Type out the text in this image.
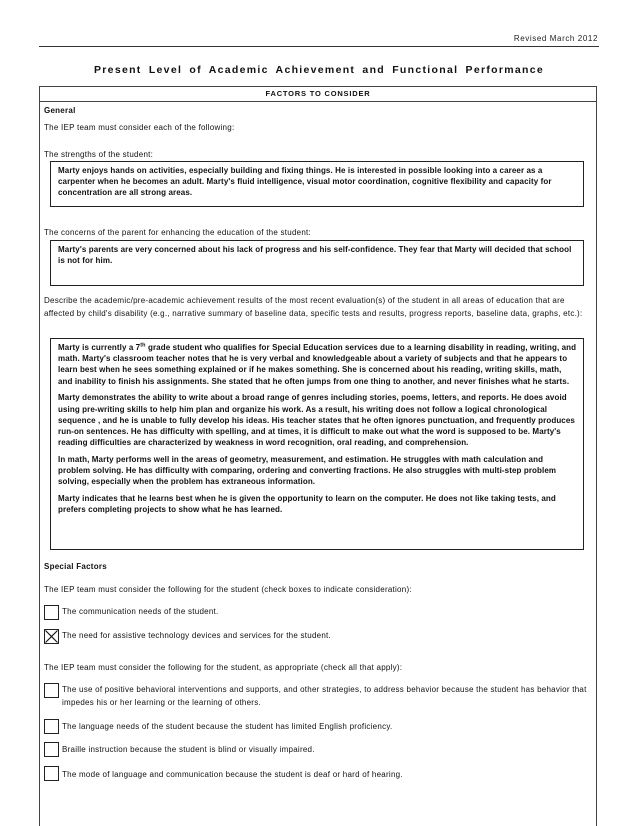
Revised March 2012
Present Level of Academic Achievement and Functional Performance
FACTORS TO CONSIDER
General
The IEP team must consider each of the following:
The strengths of the student:

Marty enjoys hands on activities, especially building and fixing things. He is interested in possible looking into a career as a carpenter when he becomes an adult. Marty's fluid intelligence, visual motor coordination, cognitive flexibility and capacity for concentration are all strong areas.

The concerns of the parent for enhancing the education of the student:

Marty's parents are very concerned about his lack of progress and his self-confidence. They fear that Marty will decided that school is not for him.

Describe the academic/pre-academic achievement results of the most recent evaluation(s) of the student in all areas of education that are affected by child's disability (e.g., narrative summary of baseline data, specific tests and results, progress reports, baseline data, graphs, etc.):

Marty is currently a 7th grade student who qualifies for Special Education services due to a learning disability in reading, writing, and math. Marty's classroom teacher notes that he is very verbal and knowledgeable about a variety of subjects and that he appears to learn best when he sees something explained or if he makes something. She is concerned about his reading, writing skills, math, and inability to finish his assignments. She stated that he often jumps from one thing to another, and never finishes what he starts.

Marty demonstrates the ability to write about a broad range of genres including stories, poems, letters, and reports. He does avoid using pre-writing skills to help him plan and organize his work. As a result, his writing does not follow a logical chronological sequence , and he is unable to fully develop his ideas. His teacher states that he often ignores punctuation, and frequently produces run-on sentences. He has difficulty with spelling, and at times, it is difficult to make out what the word is supposed to be. Marty's reading difficulties are characterized by weakness in word recognition, oral reading, and comprehension.

In math, Marty performs well in the areas of geometry, measurement, and estimation. He struggles with math calculation and problem solving. He has difficulty with comparing, ordering and converting fractions. He also struggles with multi-step problem solving, especially when the problem has extraneous information.

Marty indicates that he learns best when he is given the opportunity to learn on the computer. He does not like taking tests, and prefers completing projects to show what he has learned.

Special Factors
The IEP team must consider the following for the student (check boxes to indicate consideration):
The communication needs of the student.
The need for assistive technology devices and services for the student.
The IEP team must consider the following for the student, as appropriate (check all that apply):
The use of positive behavioral interventions and supports, and other strategies, to address behavior because the student has behavior that impedes his or her learning or the learning of others.
The language needs of the student because the student has limited English proficiency.
Braille instruction because the student is blind or visually impaired.
The mode of language and communication because the student is deaf or hard of hearing.
